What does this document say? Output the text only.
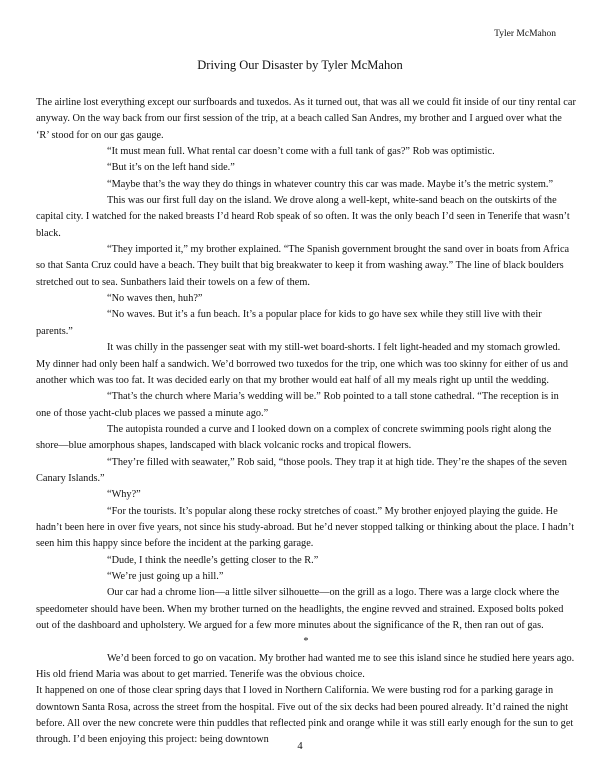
Tyler McMahon
Driving Our Disaster by Tyler McMahon

The airline lost everything except our surfboards and tuxedos. As it turned out, that was all we could fit inside of our tiny rental car anyway. On the way back from our first session of the trip, at a beach called San Andres, my brother and I argued over what the ‘R’ stood for on our gas gauge.

“It must mean full. What rental car doesn’t come with a full tank of gas?” Rob was optimistic.

“But it’s on the left hand side.”

“Maybe that’s the way they do things in whatever country this car was made. Maybe it’s the metric system.”

This was our first full day on the island. We drove along a well-kept, white-sand beach on the outskirts of the capital city. I watched for the naked breasts I’d heard Rob speak of so often. It was the only beach I’d seen in Tenerife that wasn’t black.

“They imported it,” my brother explained. “The Spanish government brought the sand over in boats from Africa so that Santa Cruz could have a beach. They built that big breakwater to keep it from washing away.” The line of black boulders stretched out to sea. Sunbathers laid their towels on a few of them.

“No waves then, huh?”

“No waves. But it’s a fun beach. It’s a popular place for kids to go have sex while they still live with their parents.”

It was chilly in the passenger seat with my still-wet board-shorts. I felt light-headed and my stomach growled. My dinner had only been half a sandwich. We’d borrowed two tuxedos for the trip, one which was too skinny for either of us and another which was too fat. It was decided early on that my brother would eat half of all my meals right up until the wedding.

“That’s the church where Maria’s wedding will be.” Rob pointed to a tall stone cathedral. “The reception is in one of those yacht-club places we passed a minute ago.”

The autopista rounded a curve and I looked down on a complex of concrete swimming pools right along the shore—blue amorphous shapes, landscaped with black volcanic rocks and tropical flowers.

“They’re filled with seawater,” Rob said, “those pools. They trap it at high tide. They’re the shapes of the seven Canary Islands.”

“Why?”

“For the tourists. It’s popular along these rocky stretches of coast.” My brother enjoyed playing the guide. He hadn’t been here in over five years, not since his study-abroad. But he’d never stopped talking or thinking about the place. I hadn’t seen him this happy since before the incident at the parking garage.

“Dude, I think the needle’s getting closer to the R.”

“We’re just going up a hill.”

Our car had a chrome lion—a little silver silhouette—on the grill as a logo. There was a large clock where the speedometer should have been. When my brother turned on the headlights, the engine revved and strained. Exposed bolts poked out of the dashboard and upholstery. We argued for a few more minutes about the significance of the R, then ran out of gas.

*

We’d been forced to go on vacation. My brother had wanted me to see this island since he studied here years ago. His old friend Maria was about to get married. Tenerife was the obvious choice.

It happened on one of those clear spring days that I loved in Northern California. We were busting rod for a parking garage in downtown Santa Rosa, across the street from the hospital. Five out of the six decks had been poured already. It’d rained the night before. All over the new concrete were thin puddles that reflected pink and orange while it was still early enough for the sun to get through. I’d been enjoying this project: being downtown

4
